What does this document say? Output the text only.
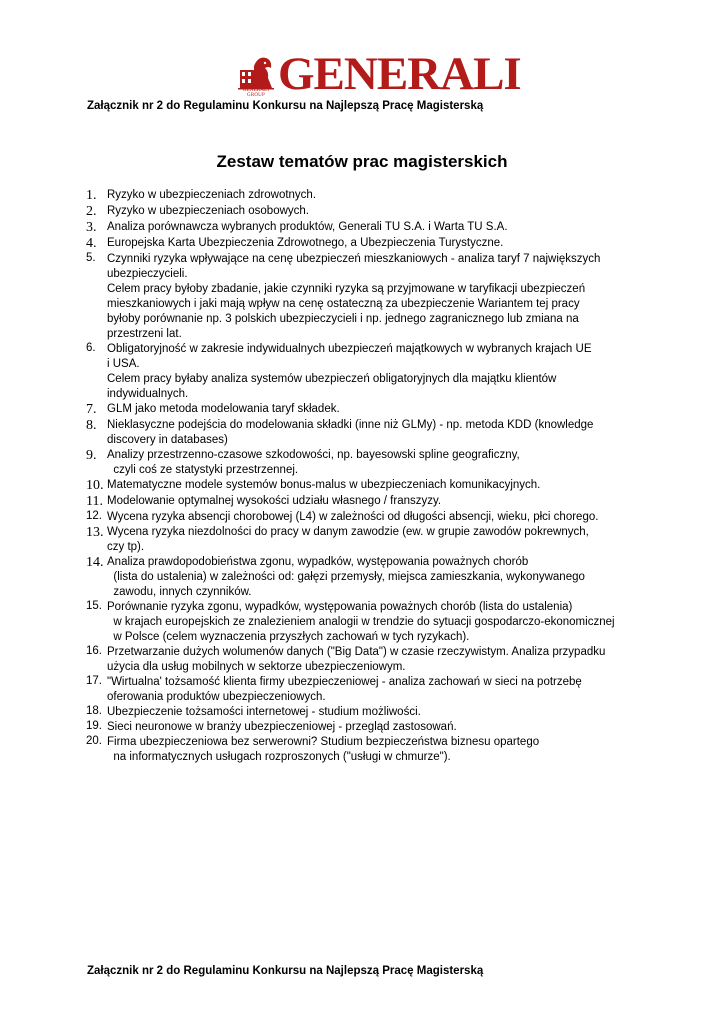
GENERALI GROUP GENERALI
Załącznik nr 2 do Regulaminu Konkursu na Najlepszą Pracę Magisterską
Zestaw tematów prac magisterskich
1. Ryzyko w ubezpieczeniach zdrowotnych.
2. Ryzyko w ubezpieczeniach osobowych.
3. Analiza porównawcza wybranych produktów, Generali TU S.A. i Warta TU S.A.
4. Europejska Karta Ubezpieczenia Zdrowotnego, a Ubezpieczenia Turystyczne.
5. Czynniki ryzyka wpływające na cenę ubezpieczeń mieszkaniowych - analiza taryf 7 największych
ubezpieczycieli.
Celem pracy byłoby zbadanie, jakie czynniki ryzyka są przyjmowane w taryfikacji ubezpieczeń
mieszkaniowych i jaki mają wpływ na cenę ostateczną za ubezpieczenie Wariantem tej pracy
byłoby porównanie np. 3 polskich ubezpieczycieli i np. jednego zagranicznego lub zmiana na
przestrzeni lat.
6. Obligatoryjność w zakresie indywidualnych ubezpieczeń majątkowych w wybranych krajach UE
i USA.
Celem pracy byłaby analiza systemów ubezpieczeń obligatoryjnych dla majątku klientów
indywidualnych.
7. GLM jako metoda modelowania taryf składek.
8. Nieklasyczne podejścia do modelowania składki (inne niż GLMy) - np. metoda KDD (knowledge
discovery in databases)
9. Analizy przestrzenno-czasowe szkodowości, np. bayesowski spline geograficzny,
czyli coś ze statystyki przestrzennej.
10. Matematyczne modele systemów bonus-malus w ubezpieczeniach komunikacyjnych.
11. Modelowanie optymalnej wysokości udziału własnego / franszyzy.
12. Wycena ryzyka absencji chorobowej (L4) w zależności od długości absencji, wieku, płci chorego.
13. Wycena ryzyka niezdolności do pracy w danym zawodzie (ew. w grupie zawodów pokrewnych,
czy tp).
14. Analiza prawdopodobieństwa zgonu, wypadków, występowania poważnych chorób
(lista do ustalenia) w zależności od: gałęzi przemysły, miejsca zamieszkania, wykonywanego
zawodu, innych czynników.
15. Porównanie ryzyka zgonu, wypadków, występowania poważnych chorób (lista do ustalenia)
w krajach europejskich ze znalezieniem analogii w trendzie do sytuacji gospodarczo-ekonomicznej
w Polsce (celem wyznaczenia przyszłych zachowań w tych ryzykach).
16. Przetwarzanie dużych wolumenów danych ("Big Data") w czasie rzeczywistym. Analiza przypadku
użycia dla usług mobilnych w sektorze ubezpieczeniowym.
17. "Wirtualna' tożsamość klienta firmy ubezpieczeniowej - analiza zachowań w sieci na potrzebę
oferowania produktów ubezpieczeniowych.
18. Ubezpieczenie tożsamości internetowej - studium możliwości.
19. Sieci neuronowe w branży ubezpieczeniowej - przegląd zastosowań.
20. Firma ubezpieczeniowa bez serwerowni? Studium bezpieczeństwa biznesu opartego
na informatycznych usługach rozproszonych ("usługi w chmurze").
Załącznik nr 2 do Regulaminu Konkursu na Najlepszą Pracę Magisterską
